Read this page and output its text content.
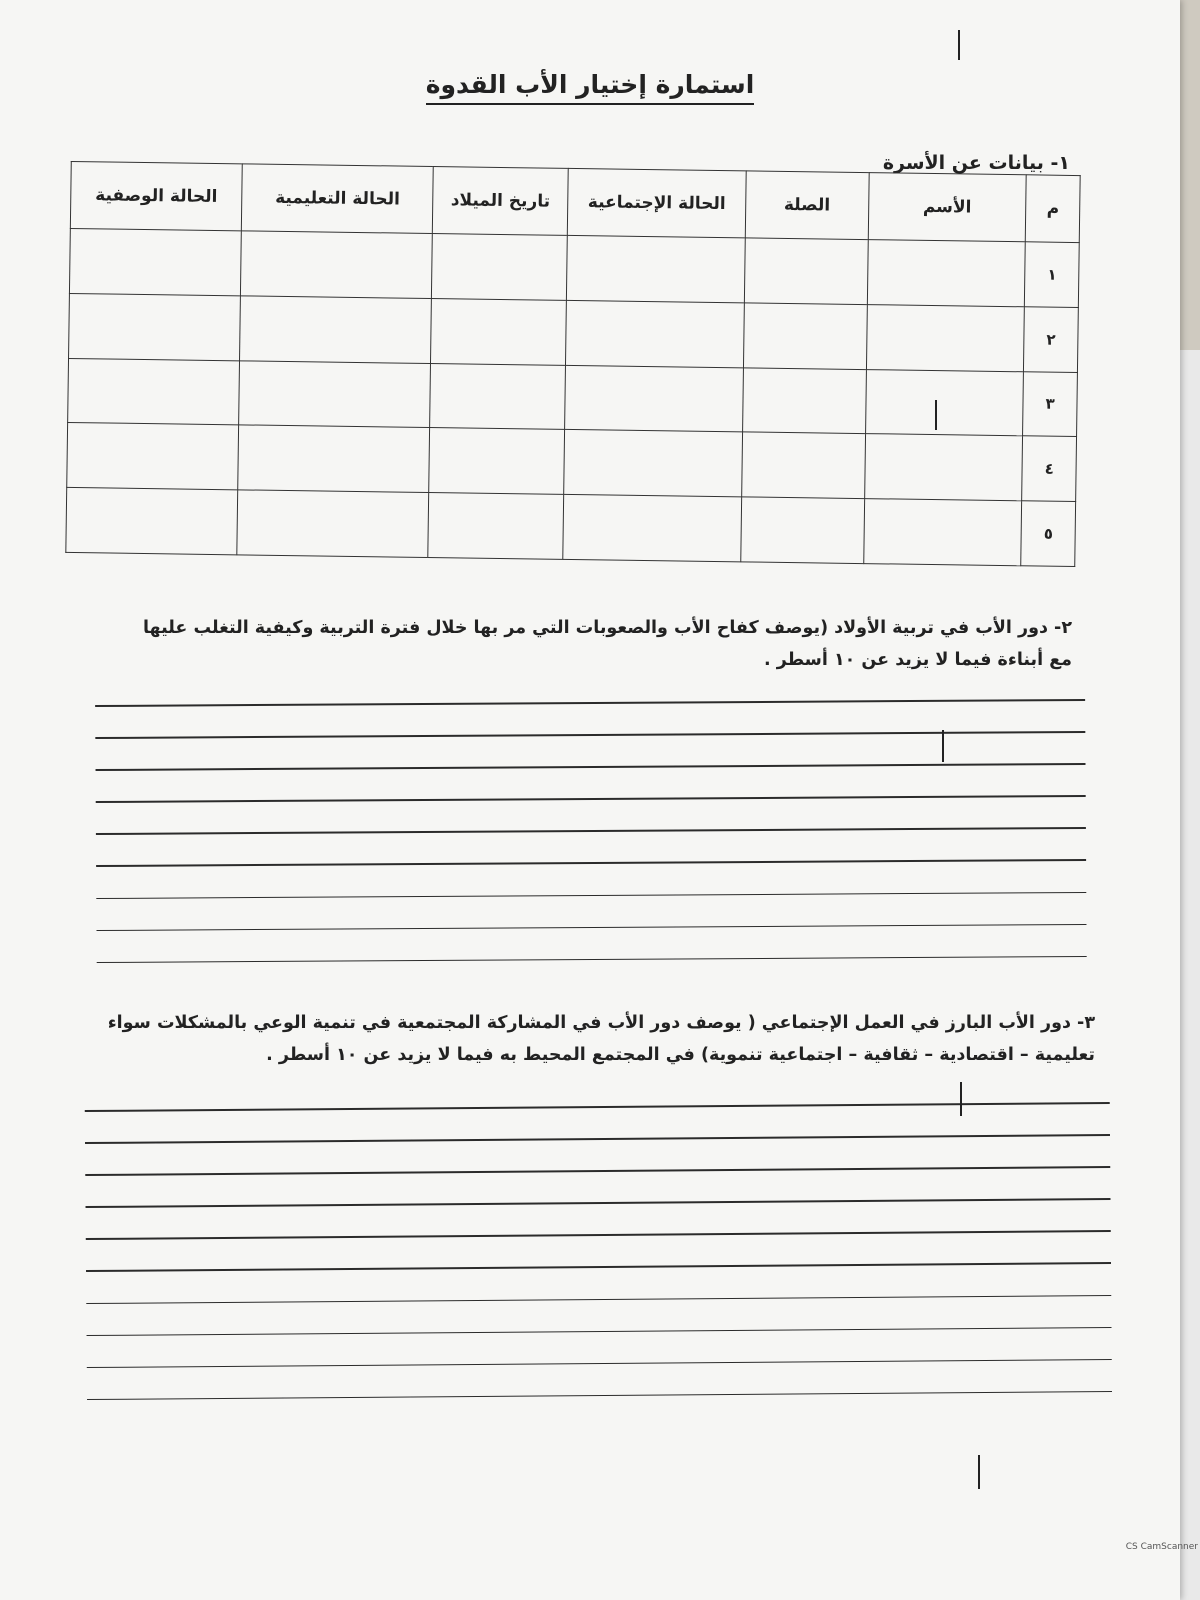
استمارة إختيار الأب القدوة
١- بيانات عن الأسرة
م	الأسم	الصلة	الحالة الإجتماعية	تاريخ الميلاد	الحالة التعليمية	الحالة الوصفية
١						
٢						
٣						
٤						
٥						
٢- دور الأب في تربية الأولاد (يوصف كفاح الأب والصعوبات التي مر بها خلال فترة التربية وكيفية التغلب عليها مع أبناءة فيما لا يزيد عن ١٠ أسطر .
٣- دور الأب البارز في العمل الإجتماعي ( يوصف دور الأب في المشاركة المجتمعية في تنمية الوعي بالمشكلات سواء تعليمية – اقتصادية – ثقافية – اجتماعية تنموية) في المجتمع المحيط به فيما لا يزيد عن ١٠ أسطر .
CS CamScanner
